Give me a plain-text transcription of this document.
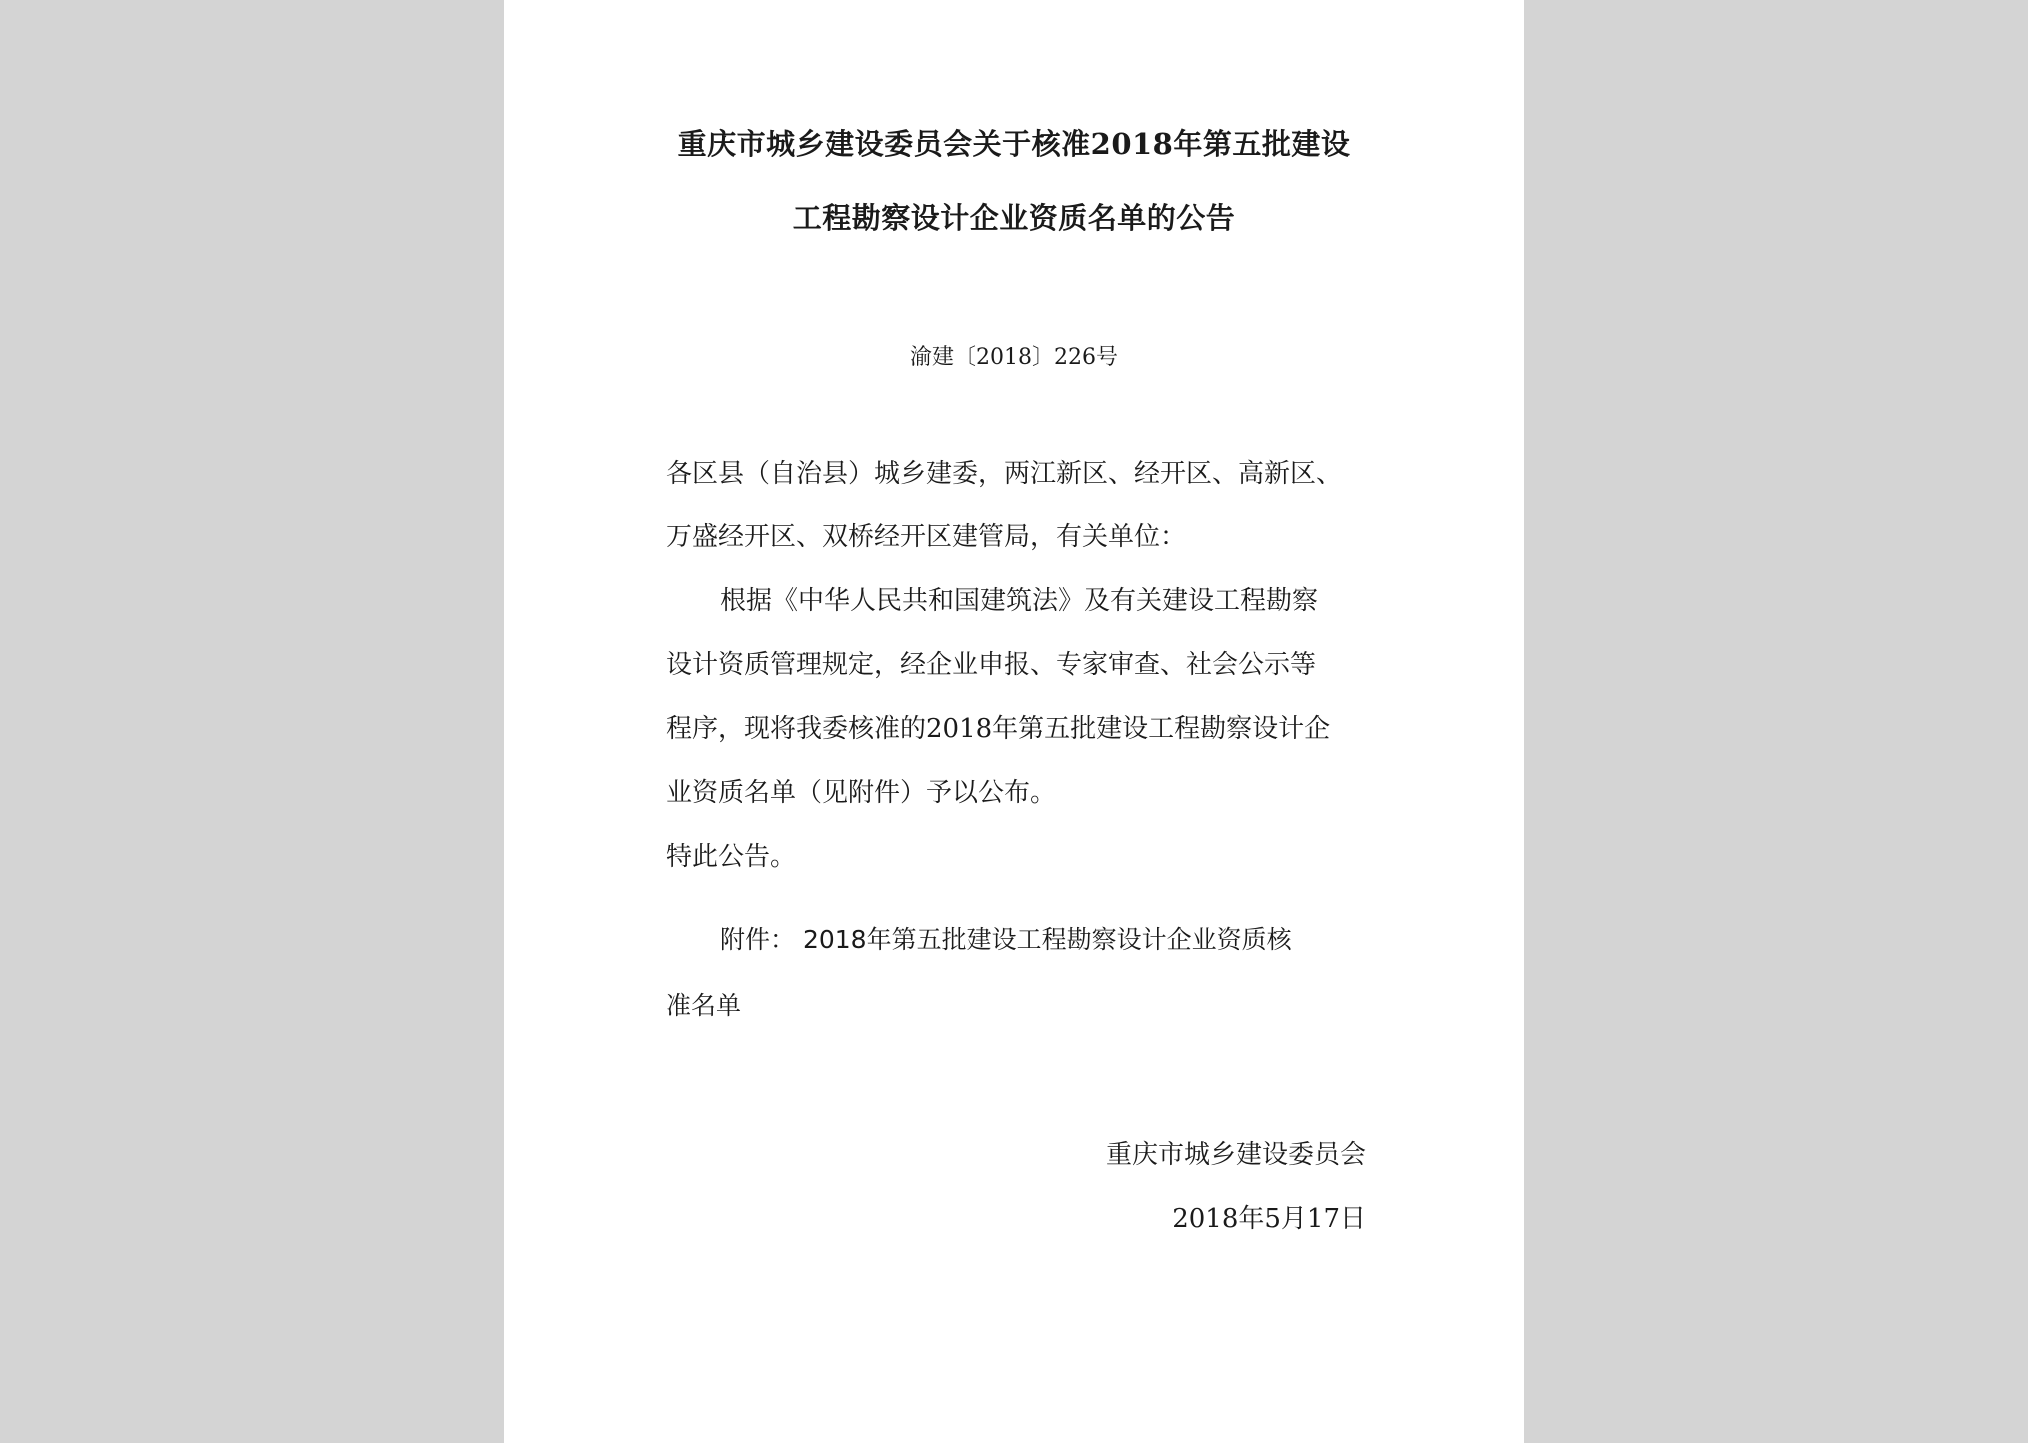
重庆市城乡建设委员会关于核准2018年第五批建设
工程勘察设计企业资质名单的公告
渝建〔2018〕226号
各区县（自治县）城乡建委，两江新区、经开区、高新区、
万盛经开区、双桥经开区建管局，有关单位：
根据《中华人民共和国建筑法》及有关建设工程勘察
设计资质管理规定，经企业申报、专家审查、社会公示等
程序，现将我委核准的2018年第五批建设工程勘察设计企
业资质名单（见附件）予以公布。
特此公告。
附件： 2018年第五批建设工程勘察设计企业资质核
准名单
重庆市城乡建设委员会
2018年5月17日
